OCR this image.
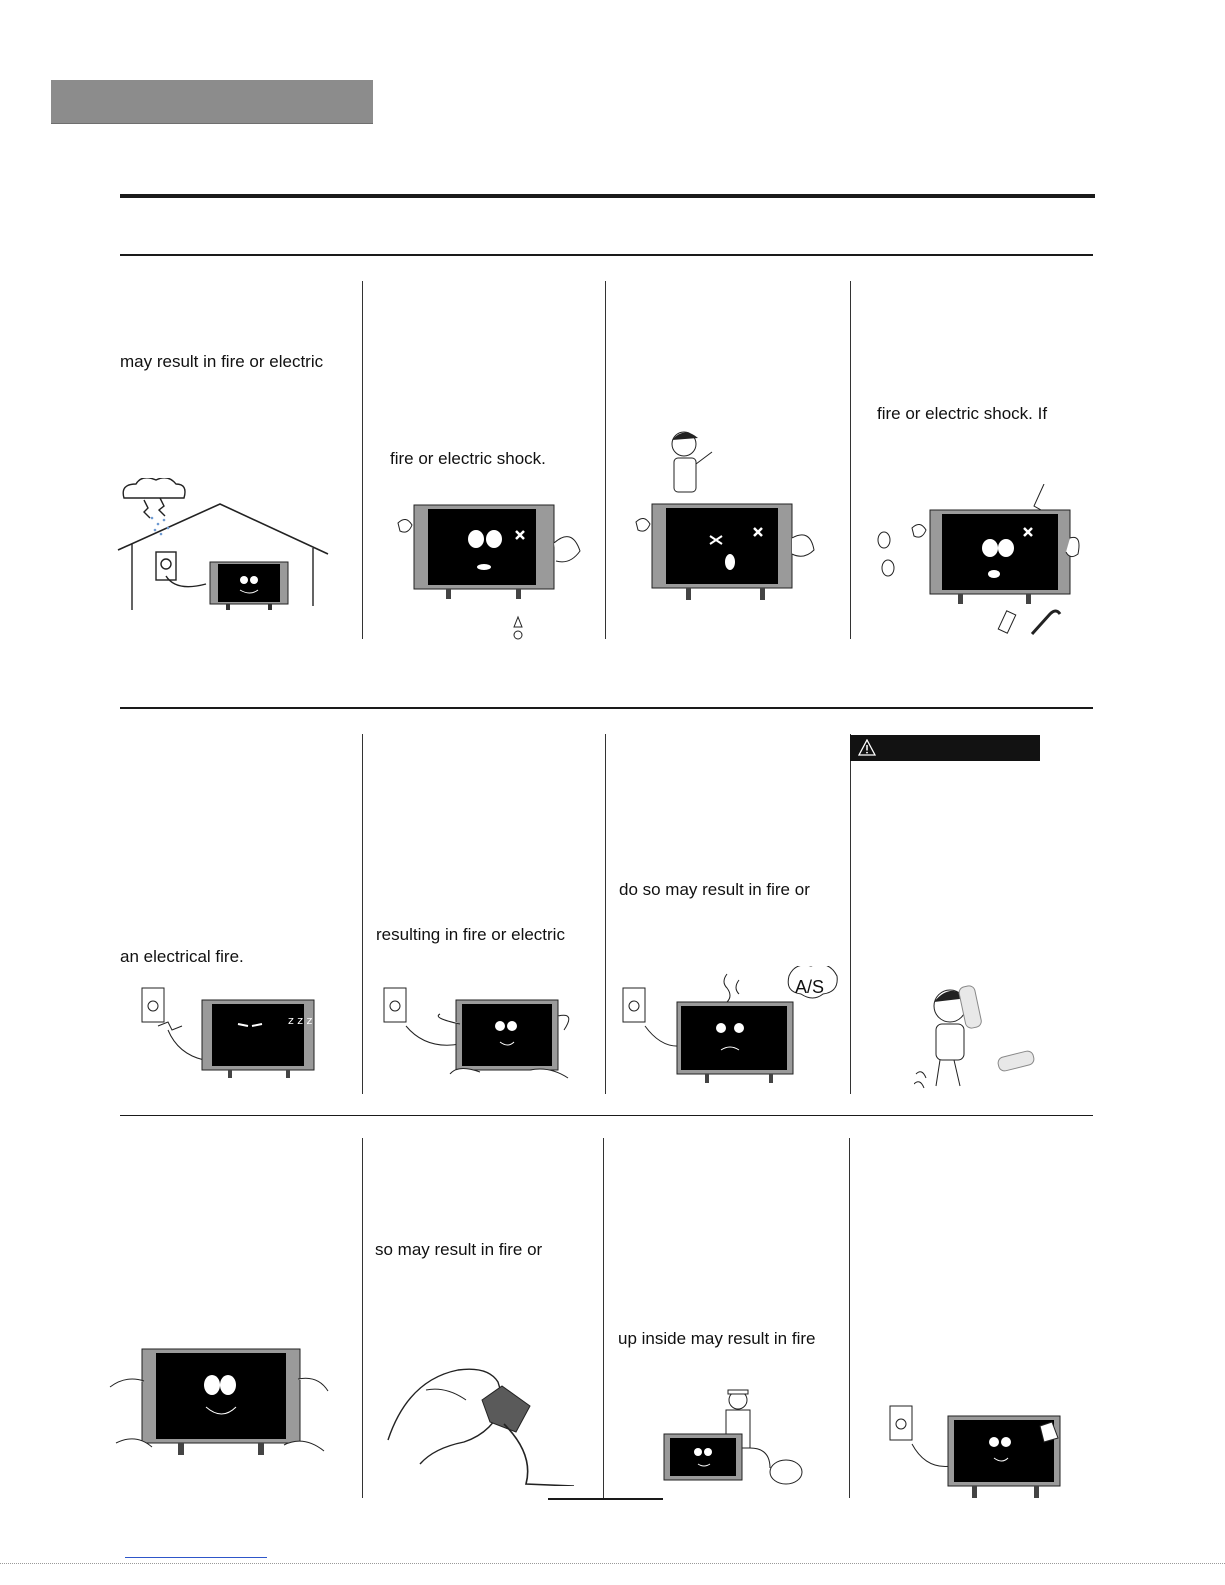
may result in fire or electric
fire or electric shock.
fire or electric shock. If
an electrical fire.
resulting in fire or electric
do so may result in fire or
so may result in fire or
up inside may result in fire
z z z
A/S
